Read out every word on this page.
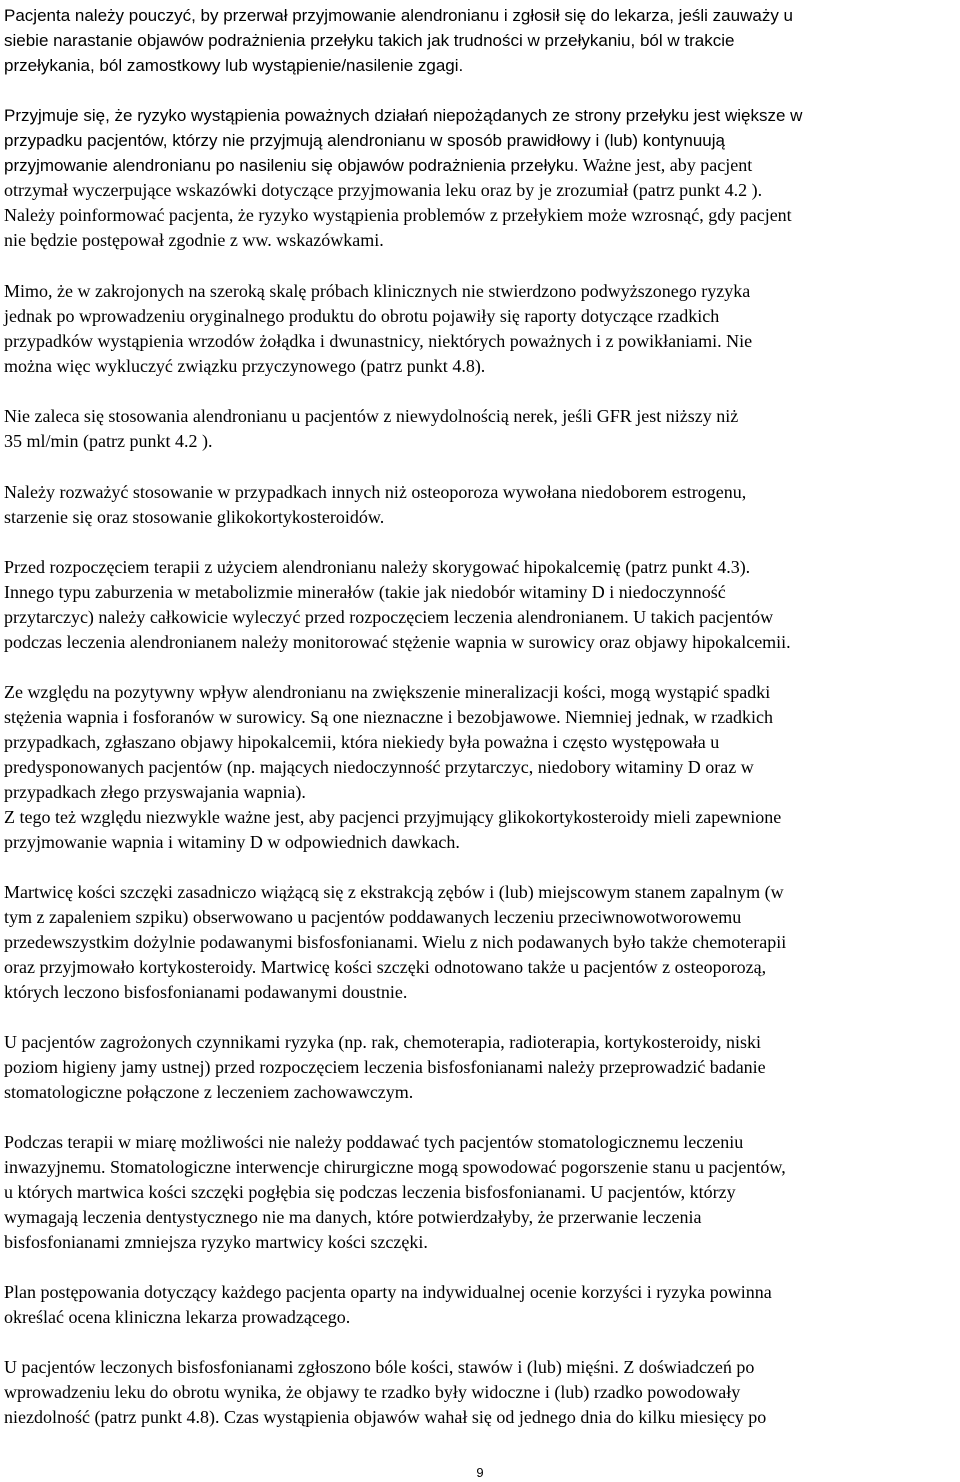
Pacjenta należy pouczyć, by przerwał przyjmowanie alendronianu i zgłosił się do lekarza, jeśli zauważy u
siebie narastanie objawów podrażnienia przełyku takich jak trudności w przełykaniu, ból w trakcie
przełykania, ból zamostkowy lub wystąpienie/nasilenie zgagi.

Przyjmuje się, że ryzyko wystąpienia poważnych działań niepożądanych ze strony przełyku jest większe w
przypadku pacjentów, którzy nie przyjmują alendronianu w sposób prawidłowy i (lub) kontynuują
przyjmowanie alendronianu po nasileniu się objawów podrażnienia przełyku. Ważne jest, aby pacjent
otrzymał wyczerpujące wskazówki dotyczące przyjmowania leku oraz by je zrozumiał (patrz punkt 4.2 ).
Należy poinformować pacjenta, że ryzyko wystąpienia problemów z przełykiem może wzrosnąć, gdy pacjent
nie będzie postępował zgodnie z ww. wskazówkami.

Mimo, że w zakrojonych na szeroką skalę próbach klinicznych nie stwierdzono podwyższonego ryzyka
jednak po wprowadzeniu oryginalnego produktu do obrotu pojawiły się raporty dotyczące rzadkich
przypadków wystąpienia wrzodów żołądka i dwunastnicy, niektórych poważnych i z powikłaniami. Nie
można więc wykluczyć związku przyczynowego (patrz punkt 4.8).

Nie zaleca się stosowania alendronianu u pacjentów z niewydolnością nerek, jeśli GFR jest niższy niż
35 ml/min (patrz punkt 4.2 ).

Należy rozważyć stosowanie w przypadkach innych niż osteoporoza wywołana niedoborem estrogenu,
starzenie się oraz stosowanie glikokortykosteroidów.

Przed rozpoczęciem terapii z użyciem alendronianu należy skorygować hipokalcemię (patrz punkt 4.3).
Innego typu zaburzenia w metabolizmie minerałów (takie jak niedobór witaminy D i niedoczynność
przytarczyc) należy całkowicie wyleczyć przed rozpoczęciem leczenia alendronianem. U takich pacjentów
podczas leczenia alendronianem należy monitorować stężenie wapnia w surowicy oraz objawy hipokalcemii.

Ze względu na pozytywny wpływ alendronianu na zwiększenie mineralizacji kości, mogą wystąpić spadki
stężenia wapnia i fosforanów w surowicy. Są one nieznaczne i bezobjawowe. Niemniej jednak, w rzadkich
przypadkach, zgłaszano objawy hipokalcemii, która niekiedy była poważna i często występowała u
predysponowanych pacjentów (np. mających niedoczynność przytarczyc, niedobory witaminy D oraz w
przypadkach złego przyswajania wapnia).
Z tego też względu niezwykle ważne jest, aby pacjenci przyjmujący glikokortykosteroidy mieli zapewnione
przyjmowanie wapnia i witaminy D w odpowiednich dawkach.

Martwicę kości szczęki zasadniczo wiążącą się z ekstrakcją zębów i (lub) miejscowym stanem zapalnym (w
tym z zapaleniem szpiku) obserwowano u pacjentów poddawanych leczeniu przeciwnowotworowemu
przedewszystkim dożylnie podawanymi bisfosfonianami. Wielu z nich podawanych było także chemoterapii
oraz przyjmowało kortykosteroidy. Martwicę kości szczęki odnotowano także u pacjentów z osteoporozą,
których leczono bisfosfonianami podawanymi doustnie.

U pacjentów zagrożonych czynnikami ryzyka (np. rak, chemoterapia, radioterapia, kortykosteroidy, niski
poziom higieny jamy ustnej) przed rozpoczęciem leczenia bisfosfonianami należy przeprowadzić badanie
stomatologiczne połączone z leczeniem zachowawczym.

Podczas terapii w miarę możliwości nie należy poddawać tych pacjentów stomatologicznemu leczeniu
inwazyjnemu. Stomatologiczne interwencje chirurgiczne mogą spowodować pogorszenie stanu u pacjentów,
u których martwica kości szczęki pogłębia się podczas leczenia bisfosfonianami. U pacjentów, którzy
wymagają leczenia dentystycznego nie ma danych, które potwierdzałyby, że przerwanie leczenia
bisfosfonianami zmniejsza ryzyko martwicy kości szczęki.

Plan postępowania dotyczący każdego pacjenta oparty na indywidualnej ocenie korzyści i ryzyka powinna
określać ocena kliniczna lekarza prowadzącego.

U pacjentów leczonych bisfosfonianami zgłoszono bóle kości, stawów i (lub) mięśni. Z doświadczeń po
wprowadzeniu leku do obrotu wynika, że objawy te rzadko były widoczne i (lub) rzadko powodowały
niezdolność (patrz punkt 4.8). Czas wystąpienia objawów wahał się od jednego dnia do kilku miesięcy po

9
